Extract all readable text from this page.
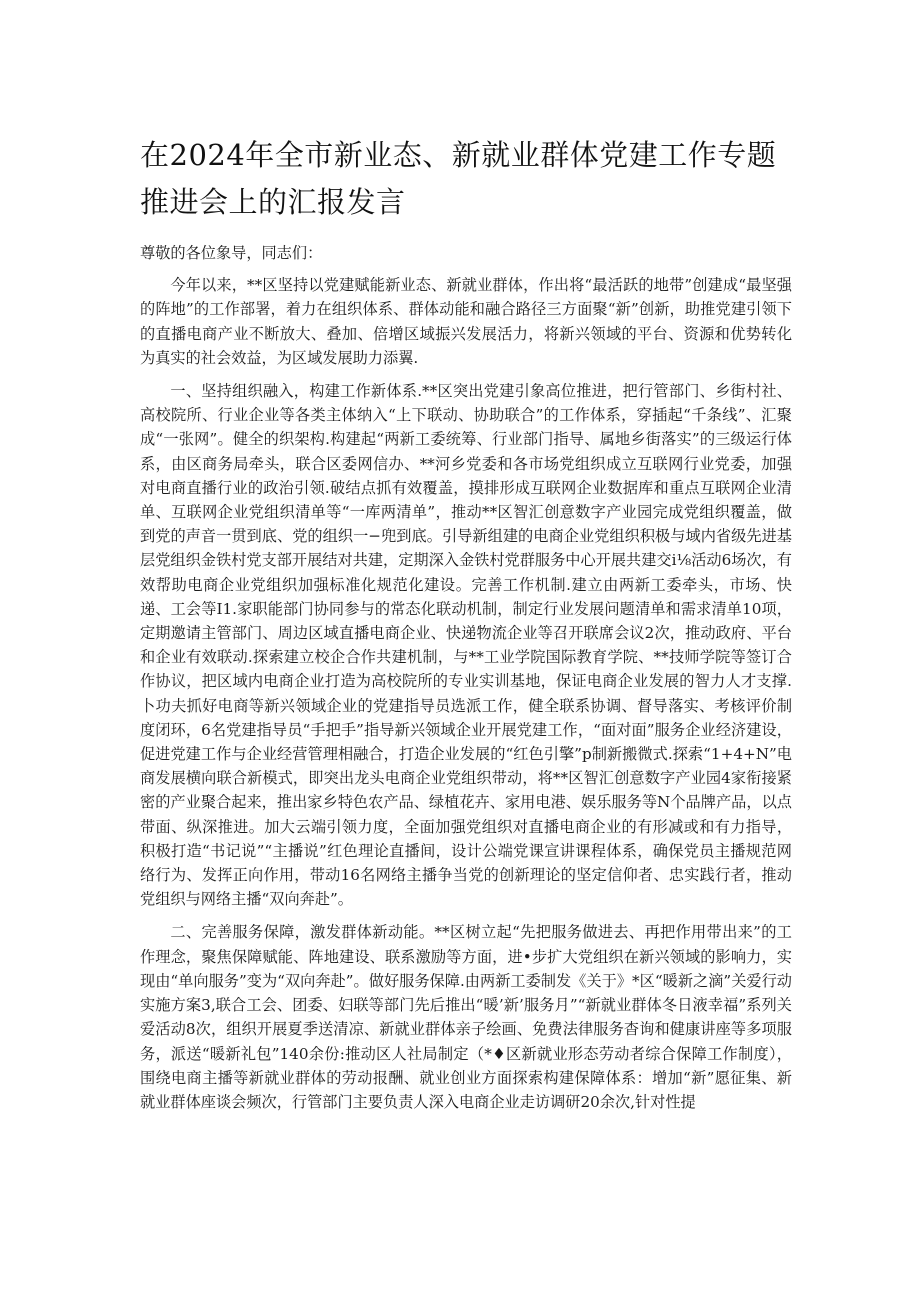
在2024年全市新业态、新就业群体党建工作专题推进会上的汇报发言

尊敬的各位象导，同志们：

今年以来，**区坚持以党建赋能新业态、新就业群体，作出将“最活跃的地带”创建成“最坚强的阵地”的工作部署，着力在组织体系、群体动能和融合路径三方面聚“新”创新，助推党建引领下的直播电商产业不断放大、叠加、倍增区域振兴发展活力，将新兴领域的平台、资源和优势转化为真实的社会效益，为区域发展助力添翼.

一、坚持组织融入，构建工作新体系.**区突出党建引象高位推进，把行管部门、乡街村社、高校院所、行业企业等各类主体纳入“上下联动、协助联合”的工作体系，穿插起“千条线”、汇聚成“一张网”。健全的织架构.构建起“两新工委统筹、行业部门指导、属地乡街落实”的三级运行体系，由区商务局牵头，联合区委网信办、**河乡党委和各市场党组织成立互联网行业党委，加强对电商直播行业的政治引领.破结点抓有效覆盖，摸排形成互联网企业数据库和重点互联网企业清单、互联网企业党组织清单等“一库两清单”，推动**区智汇创意数字产业园完成党组织覆盖，做到党的声音一贯到底、党的组织一−兜到底。引导新组建的电商企业党组织积极与域内省级先进基层党组织金铁村党支部开展结对共建，定期深入金铁村党群服务中心开展共建交i⅛活动6场次，有效帮助电商企业党组织加强标准化规范化建设。完善工作机制.建立由两新工委牵头，市场、快递、工会等I1.家职能部门协同参与的常态化联动机制，制定行业发展问题清单和需求清单10项，定期邀请主管部门、周边区域直播电商企业、快递物流企业等召开联席会议2次，推动政府、平台和企业有效联动.探索建立校企合作共建机制，与**工业学院国际教育学院、**技师学院等签订合作协议，把区域内电商企业打造为高校院所的专业实训基地，保证电商企业发展的智力人才支撑.卜功夫抓好电商等新兴领域企业的党建指导员选派工作，健全联系协调、督导落实、考核评价制度闭环，6名党建指导员“手把手”指导新兴领域企业开展党建工作，“面对面”服务企业经济建设，促进党建工作与企业经营管理相融合，打造企业发展的“红色引擎”p制新搬微式.探索“1+4+N”电商发展横向联合新模式，即突出龙头电商企业党组织带动，将**区智汇创意数字产业园4家衔接紧密的产业聚合起来，推出家乡特色农产品、绿植花卉、家用电港、娱乐服务等N个品牌产品，以点带面、纵深推进。加大云端引领力度，全面加强党组织对直播电商企业的有形减或和有力指导，积极打造“书记说”“主播说”红色理论直播间，设计公端党课宣讲课程体系，确保党员主播规范网络行为、发挥正向作用，带动16名网络主播争当党的创新理论的坚定信仰者、忠实践行者，推动党组织与网络主播“双向奔赴”。

二、完善服务保障，激发群体新动能。**区树立起“先把服务做进去、再把作用带出来”的工作理念，聚焦保障赋能、阵地建设、联系激励等方面，进•步扩大党组织在新兴领域的影响力，实现由“单向服务”变为“双向奔赴”。做好服务保障.由两新工委制发《关于》*区“暖新之滴”关爱行动实施方案3,联合工会、团委、妇联等部门先后推出“暖’新’服务月”“新就业群体冬日液幸福”系列关爱活动8次，组织开展夏季送清凉、新就业群体亲子绘画、免费法律服务杳询和健康讲座等多项服务，派送“暖新礼包”140余份:推动区人社局制定（*♦区新就业形态劳动者综合保障工作制度），围绕电商主播等新就业群体的劳动报酬、就业创业方面探索构建保障体系：增加“新”愿征集、新就业群体座谈会频次，行管部门主要负责人深入电商企业走访调研20余次,针对性提
